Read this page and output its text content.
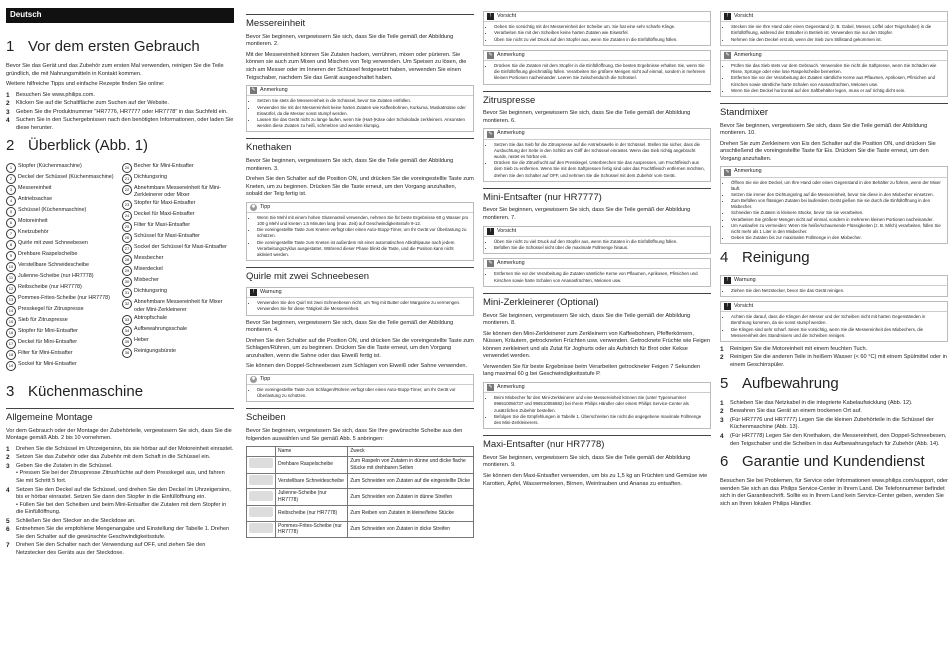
Deutsch
1 Vor dem ersten Gebrauch

Bevor Sie das Gerät und das Zubehör zum ersten Mal verwenden, reinigen Sie die Teile gründlich, die mit Nahrungsmitteln in Kontakt kommen.

Weitere hilfreiche Tipps und einfache Rezepte finden Sie online:

1 Besuchen Sie www.philips.com.
2 Klicken Sie auf die Schaltfläche zum Suchen auf der Website.
3 Geben Sie die Produktnummer "HR7776, HR7777 oder HR7778" in das Suchfeld ein.
4 Suchen Sie in den Suchergebnissen nach den benötigten Informationen, oder laden Sie diese herunter.
2 Überblick (Abb. 1)
1	Stopfer (Küchenmaschine)
2	Deckel der Schüssel (Küchenmaschine)
3	Messereinheit
4	Antriebsachse
5	Schüssel (Küchenmaschine)
6	Motoreinheit
7	Knetzubehör
8	Quirle mit zwei Schneebesen
9	Drehbare Raspelscheibe
10 Verstellbare Schneidescheibe
11 Julienne-Scheibe (nur HR7778)
12 Reibscheibe (nur HR7778)
13 Pommes-Frites-Scheibe (nur HR7778)
14 Presskegel für Zitruspresse
15 Sieb für Zitruspresse
16 Stopfer für Mini-Entsafter
17 Deckel für Mini-Entsafter
18 Filter für Mini-Entsafter
19 Sockel für Mini-Entsafter
20 Becher für Mini-Entsafter
21 Dichtungsring
22 Abnehmbare Messereinheit für Mini-Zerkleinerer oder Mixer
23 Stopfer für Maxi-Entsafter
24 Deckel für Maxi-Entsafter
25 Filter für Maxi-Entsafter
26 Schüssel für Maxi-Entsafter
27 Sockel der Schüssel für Maxi-Entsafter
28 Messbecher
29 Mixerdeckel
30 Mixbecher
31 Dichtungsring
32 Abnehmbare Messereinheit für Mixer oder Mini-Zerkleinerer
33 Abtropfschale
34 Aufbewahrungsschale
35 Heber
36 Reinigungsbürste
3 Küchenmaschine
Allgemeine Montage

Vor dem Gebrauch oder der Montage der Zubehörteile, vergewissern Sie sich, dass Sie die Montage gemäß Abb. 2 bis 10 vornehmen.

1 Drehen Sie die Schüssel im Uhrzeigersinn, bis sie hörbar auf der Motoreinheit einrastet.
2 Setzen Sie das Zubehör oder das Zubehör mit dem Schaft in die Schüssel ein.
3 Geben Sie die Zutaten in die Schüssel.
• Pressen Sie bei der Zitruspresse Zitrusfrüchte auf dem Presskegel aus, und fahren Sie mit Schritt 5 fort.
4 Setzen Sie den Deckel auf die Schüssel, und drehen Sie den Deckel im Uhrzeigersinn, bis er hörbar einrastet. Setzen Sie dann den Stopfer in die Einfüllöffnung ein.
• Füllen Sie bei den Scheiben und beim Mini-Entsafter die Zutaten mit dem Stopfer in die Einfüllöffnung.
5 Schließen Sie den Stecker an die Steckdose an.
6 Entnehmen Sie die empfohlene Mengenangabe und Einstellung der Tabelle 1. Drehen Sie den Schalter auf die gewünschte Geschwindigkeitsstufe.
7 Drehen Sie den Schalter nach der Verwendung auf OFF, und ziehen Sie den Netzstecker des Geräts aus der Steckdose.
Messereinheit

Bevor Sie beginnen, vergewissern Sie sich, dass Sie die Teile gemäß der Abbildung montieren. 2.

Mit der Messereinheit können Sie Zutaten hacken, verrühren, mixen oder pürieren. Sie können sie auch zum Mixen und Mischen von Teig verwenden. Um Speisen zu lösen, die sich am Messer oder im Inneren der Schüssel festgesetzt haben, verwenden Sie einen Teigschaber, nachdem Sie das Gerät ausgeschaltet haben.

✎ Anmerkung
• Setzen Sie stets die Messereinheit in die Schüssel, bevor Sie Zutaten einfüllen.
• Verwenden Sie mit der Messereinheit keine harten Zutaten wie Kaffeebohnen, Kurkuma, Muskatnüsse oder Eiswürfel, da die Messer sonst stumpf werden.
• Lassen Sie das Gerät nicht zu lange laufen, wenn Sie (Hart-)Käse oder Schokolade zerkleinern. Ansonsten werden diese Zutaten zu heiß, schmelzen und werden klumpig.
Knethaken

Bevor Sie beginnen, vergewissern Sie sich, dass Sie die Teile gemäß der Abbildung montieren. 3.

Drehen Sie den Schalter auf die Position ON, und drücken Sie die voreingestellte Taste zum Kneten, um zu beginnen. Drücken Sie die Taste erneut, um den Vorgang anzuhalten, sobald der Teig fertig ist.

✱ Tipp
• Wenn Sie Mehl mit einem hohen Glutenanteil verwenden, nehmen Sie für beste Ergebnisse 60 g Wasser pro 100 g Mehl und kneten 1,5 Minuten lang (max. Zeit) auf Geschwindigkeitsstufe 9-12.
• Die voreingestellte Taste zum Kneten verfügt über einen Auto-Stopp-Timer, um Ihr Gerät vor Überlastung zu schützen.
• Die voreingestellte Taste zum Kneten ist außerdem mit einer automatischen Abkühlpause nach jedem Verarbeitungszyklus ausgestattet. Während dieser Phase blinkt die Taste, und die Position kann nicht aktiviert werden.
Quirle mit zwei Schneebesen
!	Warnung
• Verwenden Sie den Quirl mit zwei Schneebesen nicht, um Teig mit Butter oder Margarine zu vermengen. Verwenden Sie für diese Tätigkeit die Messereinheit.

Bevor Sie beginnen, vergewissern Sie sich, dass Sie die Teile gemäß der Abbildung montieren. 4.

Drehen Sie den Schalter auf die Position ON, und drücken Sie die voreingestellte Taste zum Schlagen/Rühren, um zu beginnen. Drücken Sie die Taste erneut, um den Vorgang anzuhalten, wenn die Sahne oder das Eiweiß fertig ist.

Sie können den Doppel-Schneebesen zum Schlagen von Eiweiß oder Sahne verwenden.

✱ Tipp
• Die voreingestellte Taste zum Schlagen/Rühren verfügt über einen Auto-Stopp-Timer, um Ihr Gerät vor Überlastung zu schützen.
Scheiben

Bevor Sie beginnen, vergewissern Sie sich, dass Sie Ihre gewünschte Scheibe aus den folgenden auswählen und Sie gemäß Abb. 5 anbringen:

	Name	Zweck
	Drehbare Raspelscheibe	Zum Raspeln von Zutaten in dünne und dicke flache Stücke mit drehbaren Seiten
	Verstellbare Schneidescheibe	Zum Schneiden von Zutaten auf die eingestellte Dicke
	Julienne-Scheibe (nur HR7778)	Zum Schneiden von Zutaten in dünne Streifen
	Reibscheibe (nur HR7778)	Zum Reiben von Zutaten in kleine/feine Stücke
	Pommes-Frites-Scheibe (nur HR7778)	Zum Schneiden von Zutaten in dicke Streifen
!	Vorsicht
• Geben Sie vorsichtig mit der Messereinheit der Scheibe um. Sie hat eine sehr scharfe Klinge.
• Verarbeiten Sie mit den Scheiben keine harten Zutaten wie Eiswürfel.
• Üben Sie nicht zu viel Druck auf den Stopfer aus, wenn Sie Zutaten in die Einfüllöffnung füllen.
✎ Anmerkung
• Drücken Sie die Zutaten mit dem Stopfer in die Einfüllöffnung. Die besten Ergebnisse erhalten Sie, wenn Sie die Einfüllöffnung gleichmäßig füllen. Verarbeiten Sie größere Mengen nicht auf einmal, sondern in mehreren kleinen Portionen nacheinander. Leeren Sie zwischendurch die Schüssel.
Zitruspresse

Bevor Sie beginnen, vergewissern Sie sich, dass Sie die Teile gemäß der Abbildung montieren. 6.

✎ Anmerkung
• Setzen Sie das Sieb für die Zitruspresse auf die Antriebswelle in der Schüssel. Stellen Sie sicher, dass die Ausbuchtung der Seite in den Schlitz am Griff der Schüssel einrastet. Wenn das Sieb richtig angebracht wurde, rastet es hörbar ein.
• Drücken Sie die Zitrusfrucht auf den Presskegel. Unterbrechen Sie das Auspressen, um Fruchtfleisch aus dem Sieb zu entfernen. Wenn Sie mit dem Saftpressen fertig sind oder das Fruchtfleisch entfernen möchten, drehen Sie den Schalter auf OFF, und nehmen Sie die Schüssel mit dem Zubehör vom Gerät.
Mini-Entsafter (nur HR7777)

Bevor Sie beginnen, vergewissern Sie sich, dass Sie die Teile gemäß der Abbildung montieren. 7.

!	Vorsicht
• Üben Sie nicht zu viel Druck auf den Stopfer aus, wenn Sie Zutaten in die Einfüllöffnung füllen.
• Befüllen Sie die Schüssel nicht über die maximale Füllmenge hinaus.
✎ Anmerkung
• Entfernen Sie vor der Verarbeitung die Zutaten sämtliche Kerne von Pflaumen, Aprikosen, Pfirsichen und Kirschen sowie harte Schalen von Ananasfrüchten, Melonen usw.
Mini-Zerkleinerer (Optional)

Bevor Sie beginnen, vergewissern Sie sich, dass Sie die Teile gemäß der Abbildung montieren. 8.

Sie können den Mini-Zerkleinerer zum Zerkleinern von Kaffeebohnen, Pfefferkörnern, Nüssen, Kräutern, getrockneten Früchten usw. verwenden. Getrocknete Früchte wie Feigen können zerkleinert und als Zutat für Joghurts oder als Aufstrich für Brot oder Kekse verwendet werden.

Verwenden Sie für beste Ergebnisse beim Verarbeiten getrockneter Feigen 7 Sekunden lang maximal 60 g bei Geschwindigkeitsstufe P.

✎ Anmerkung
• Beim Mixbecher für den Mini-Zerkleinerer und eine Messereinheit können Sie (unter Typennummer 996510056737 und 996510056882) bei Ihrem Philips Händler oder einem Philips Service-Center als zusätzlichen Zubehör bestellen.
• Befolgen Sie die Empfehlungen in Tabelle 1. Überschreiten Sie nicht die angegebene maximale Füllmenge des Mini-Zerkleinerers.
Maxi-Entsafter (nur HR7778)

Bevor Sie beginnen, vergewissern Sie sich, dass Sie die Teile gemäß der Abbildung montieren. 9.

Sie können den Maxi-Entsafter verwenden, um bis zu 1,5 kg an Früchten und Gemüse wie Karotten, Äpfel, Wassermelonen, Birnen, Weintrauben und Ananas zu entsaften.

!	Vorsicht
• Stecken Sie nie Ihre Hand oder einen Gegenstand (z. B. Gabel, Messer, Löffel oder Teigschaber) in die Einfüllöffnung, während der Entsafter in Betrieb ist. Verwenden Sie nur den Stopfer.
• Nehmen Sie den Deckel erst ab, wenn der Sieb zum Stillstand gekommen ist.
✎ Anmerkung
• Prüfen Sie das Sieb stets vor dem Gebrauch. Verwenden Sie nicht die Saftpresse, wenn Sie Schäden wie Risse, Sprünge oder eine lose Raspelscheibe bemerken.
• Entfernen Sie vor der Verarbeitung der Zutaten sämtliche Kerne aus Pflaumen, Aprikosen, Pfirsichen und Kirschen sowie sämtliche harte Schalen von Ananasfrüchten, Melonen usw.
• Wenn Sie den Deckel horizontal auf den Saftbehälter legen, muss er auf richtig dicht sein.
Standmixer

Bevor Sie beginnen, vergewissern Sie sich, dass Sie die Teile gemäß der Abbildung montieren. 10.

Drehen Sie zum Zerkleinern von Eis den Schalter auf die Position ON, und drücken Sie anschließend die voreingestellte Taste für Eis. Drücken Sie die Taste erneut, um den Vorgang anzuhalten.

✎ Anmerkung
• Öffnen Sie nie den Deckel, um Ihre Hand oder einen Gegenstand in den Behälter zu führen, wenn der Mixer läuft.
• Setzen Sie immer den Dichtungsring auf die Messereinheit, bevor Sie diese in den Mixbecher einsetzen.
• Zum Befüllen von flüssigen Zutaten bei laufendem Gerät gießen Sie sie durch die Einfüllöffnung in den Mixbecher.
• Schneiden Sie Zutaten in kleinere Stücke, bevor Sie sie verarbeiten.
• Verarbeiten Sie größere Mengen nicht auf einmal, sondern in mehreren kleinen Portionen nacheinander.
• Um Auslaufen zu vermeiden: Wenn Sie heiße/schaumende Flüssigkeiten (z. B. Milch) verarbeiten, füllen Sie nicht mehr als 1 Liter in den Mixbecher.
• Geben Sie Zutaten bis zur maximalen Füllmenge in den Mixbecher.
4 Reinigung
!	Warnung
• Ziehen Sie den Netzstecker, bevor Sie das Gerät reinigen.
!	Vorsicht
• Achten Sie darauf, dass die Klingen der Messer und der Scheiben nicht mit harten Gegenständen in Berührung kommen, da sie sonst stumpf werden.
• Die Klingen sind sehr scharf. Seien Sie vorsichtig, wenn Sie die Messereinheit des Mixbechers, die Messereinheit des Standmixers und die Scheiben reinigen.
1 Reinigen Sie die Motoreinheit mit einem feuchten Tuch.
2 Reinigen Sie die anderen Teile in heißem Wasser (< 60 °C) mit einem Spülmittel oder in einem Geschirrspüler.
5 Aufbewahrung
1 Schieben Sie das Netzkabel in die integrierte Kabelaufwicklung (Abb. 12).
2 Bewahren Sie das Gerät an einem trockenen Ort auf.
3 (Für HR7776 und HR7777) Legen Sie die kleinen Zubehörteile in die Schüssel der Küchenmaschine (Abb. 13).
4 (Für HR7778) Legen Sie den Knethaken, die Messereinheit, den Doppel-Schneebesen, den Teigschaber und die Scheiben in das Aufbewahrungsfach für Zubehör (Abb. 14).
6 Garantie und Kundendienst

Besuchen Sie bei Problemen, für Service oder Informationen www.philips.com/support, oder wenden Sie sich an das Philips Service-Center in Ihrem Land. Die Telefonnummer befindet sich in der Garantieschrift. Sollte es in Ihrem Land kein Service-Center geben, wenden Sie sich an Ihren lokalen Philips Händler.
